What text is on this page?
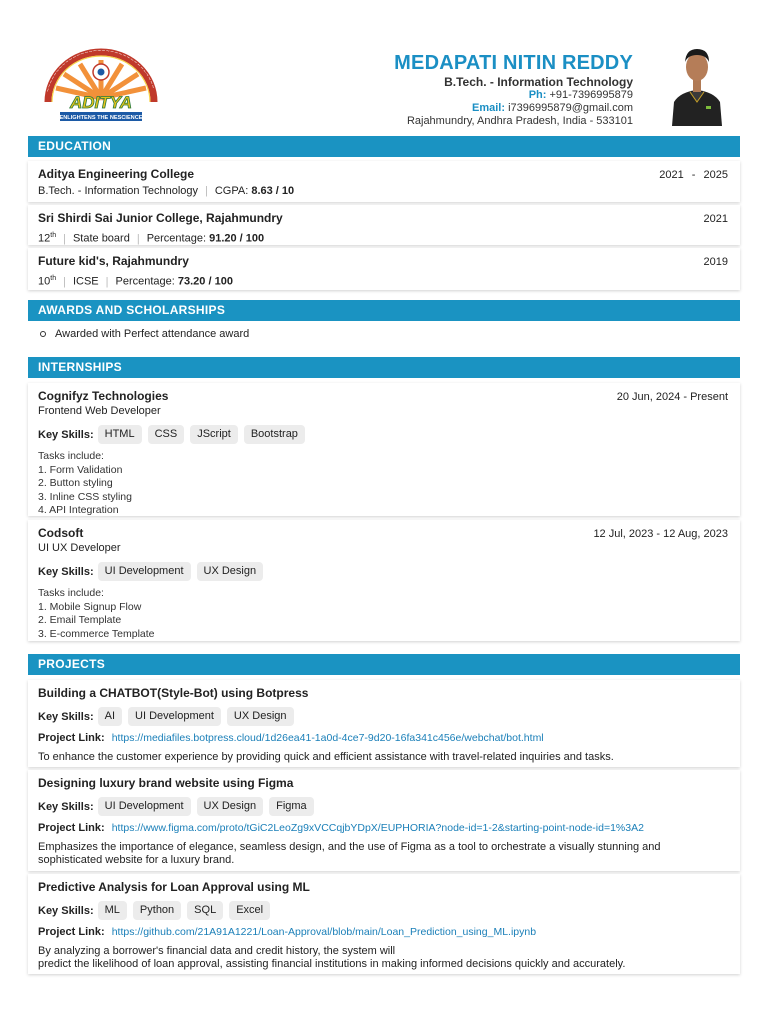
~~~~~~~~~~~~~~~~~~~~~~~~~~~~~~~~~
ADITYA
ENLIGHTENS THE NESCIENCE
MEDAPATI NITIN REDDY
B.Tech. - Information Technology
Ph: +91-7396995879
Email: i7396995879@gmail.com
Rajahmundry, Andhra Pradesh, India - 533101
EDUCATION
Aditya Engineering College	2021 - 2025
B.Tech. - Information Technology | CGPA: 8.63 / 10
Sri Shirdi Sai Junior College, Rajahmundry	2021
12th | State board | Percentage: 91.20 / 100
Future kid's, Rajahmundry	2019
10th | ICSE | Percentage: 73.20 / 100
AWARDS AND SCHOLARSHIPS
Awarded with Perfect attendance award
INTERNSHIPS
Cognifyz Technologies	20 Jun, 2024 - Present
Frontend Web Developer
Key Skills:	HTML	CSS	JScript	Bootstrap
Tasks include:
1. Form Validation
2. Button styling
3. Inline CSS styling
4. API Integration
Codsoft	12 Jul, 2023 - 12 Aug, 2023
UI UX Developer
Key Skills:	UI Development	UX Design
Tasks include:
1. Mobile Signup Flow
2. Email Template
3. E-commerce Template
PROJECTS
Building a CHATBOT(Style-Bot) using Botpress
Key Skills:	AI	UI Development	UX Design
Project Link: https://mediafiles.botpress.cloud/1d26ea41-1a0d-4ce7-9d20-16fa341c456e/webchat/bot.html
To enhance the customer experience by providing quick and efficient assistance with travel-related inquiries and tasks.
Designing luxury brand website using Figma
Key Skills:	UI Development	UX Design	Figma
Project Link: https://www.figma.com/proto/tGiC2LeoZg9xVCCqjbYDpX/EUPHORIA?node-id=1-2&starting-point-node-id=1%3A2
Emphasizes the importance of elegance, seamless design, and the use of Figma as a tool to orchestrate a visually stunning and
sophisticated website for a luxury brand.
Predictive Analysis for Loan Approval using ML
Key Skills:	ML	Python	SQL	Excel
Project Link: https://github.com/21A91A1221/Loan-Approval/blob/main/Loan_Prediction_using_ML.ipynb
By analyzing a borrower's financial data and credit history, the system will
predict the likelihood of loan approval, assisting financial institutions in making informed decisions quickly and accurately.
